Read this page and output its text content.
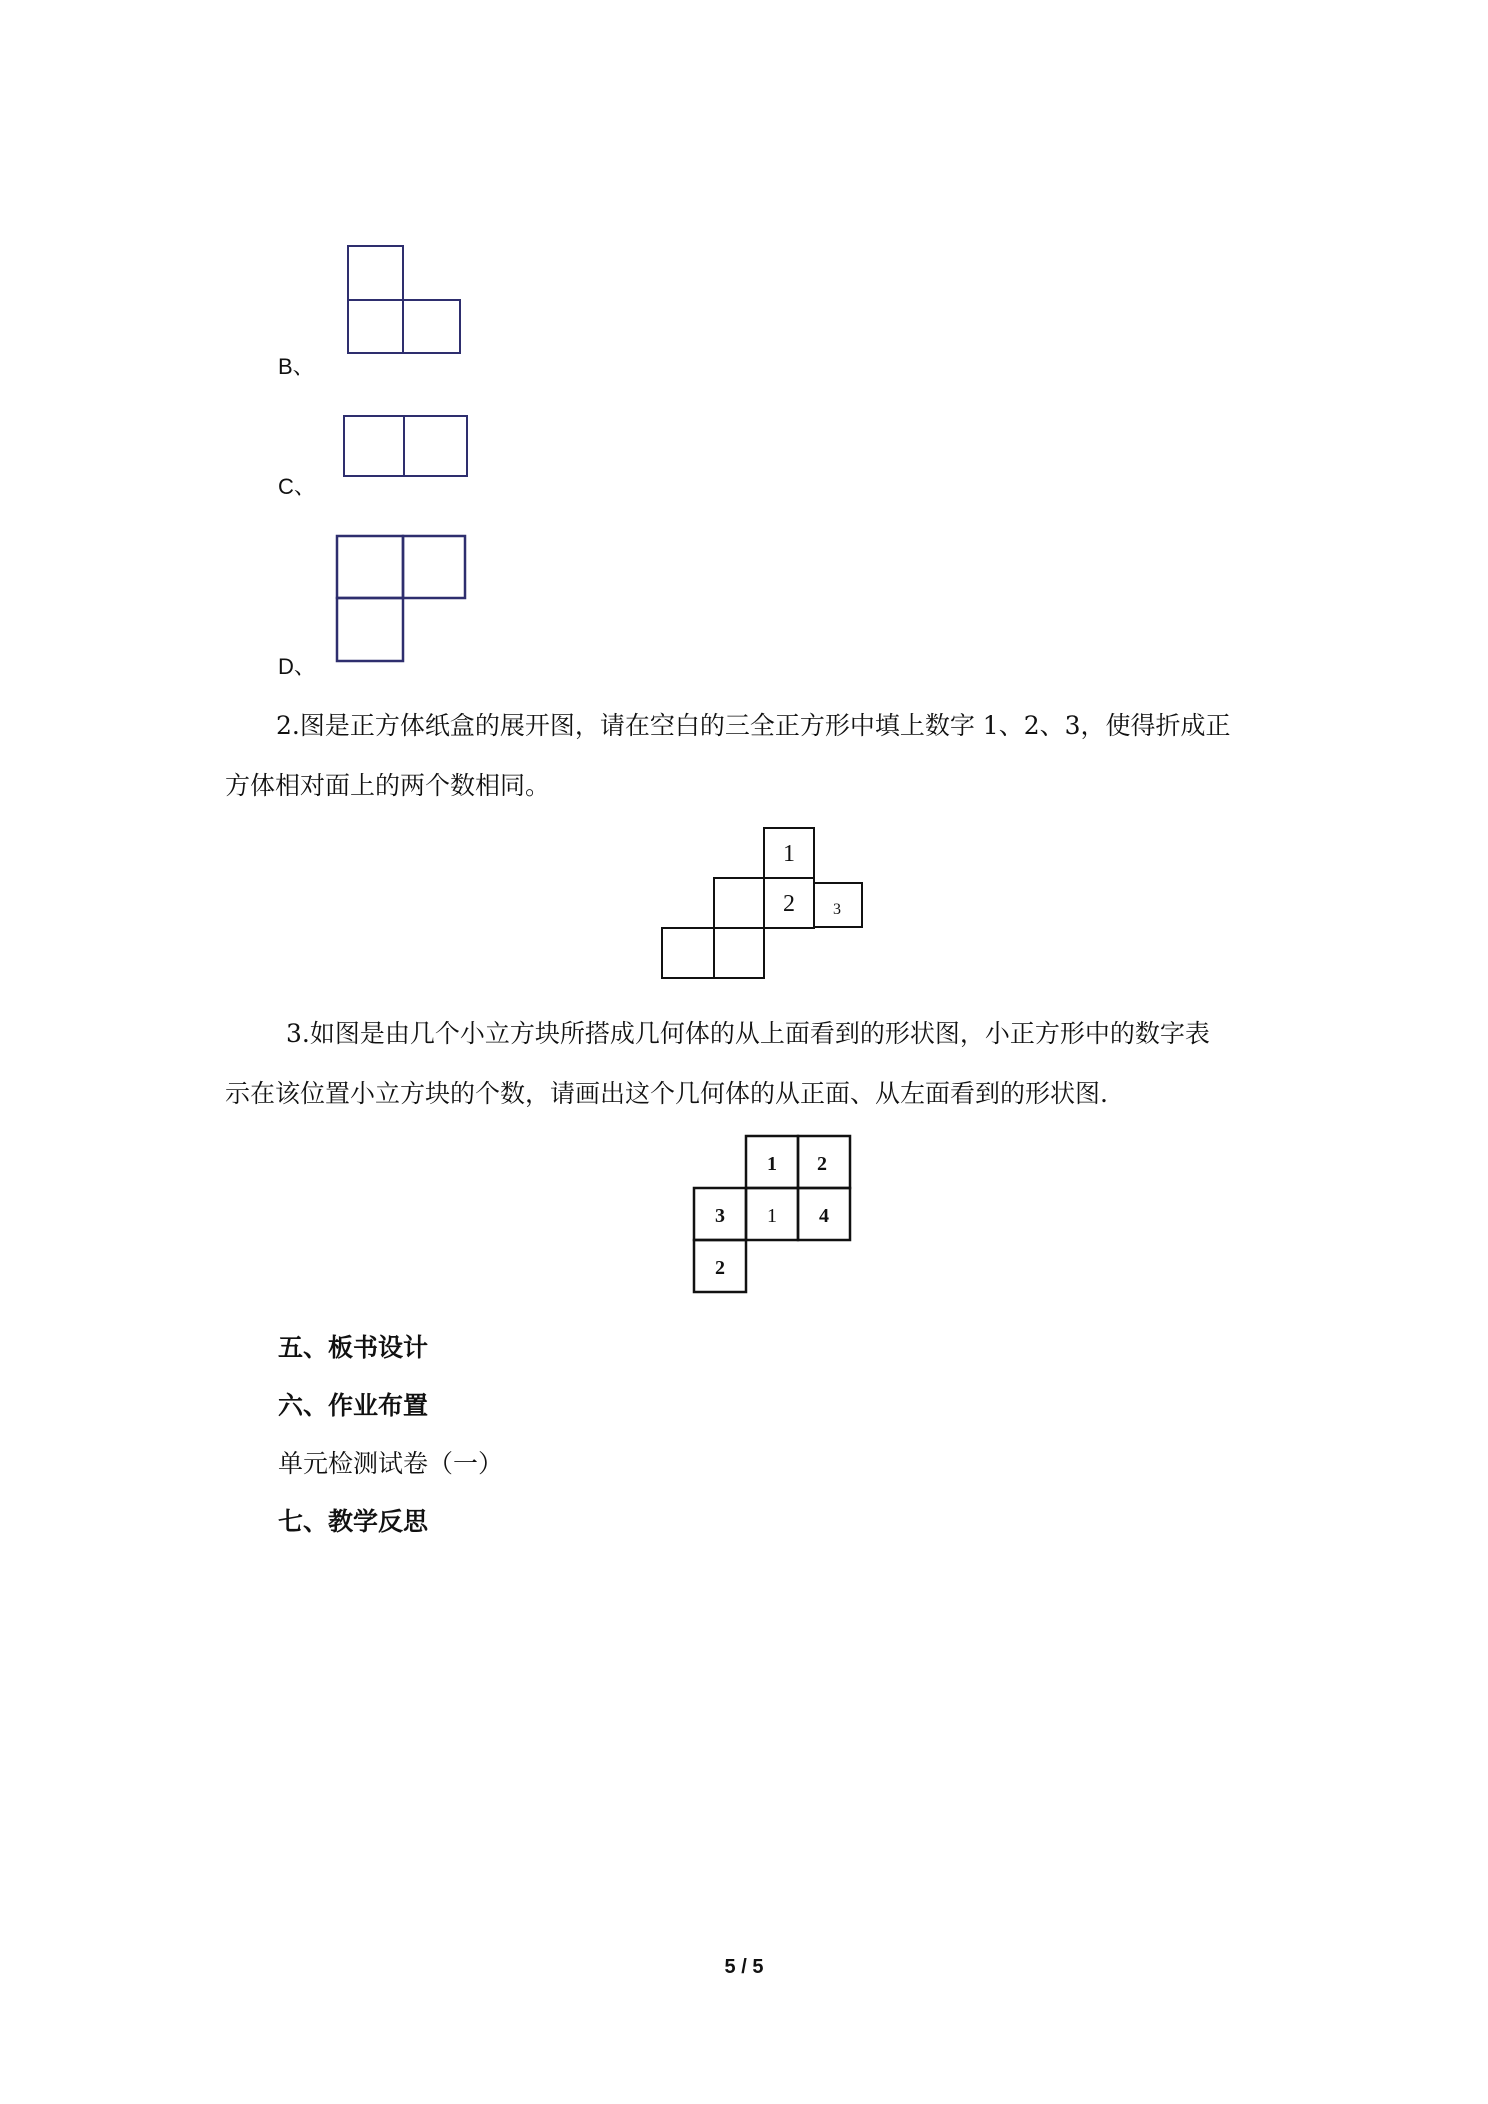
B、
C、
D、
2.图是正方体纸盒的展开图，请在空白的三全正方形中填上数字 1、2、3，使得折成正
方体相对面上的两个数相同。
1
2 3
3.如图是由几个小立方块所搭成几何体的从上面看到的形状图，小正方形中的数字表
示在该位置小立方块的个数，请画出这个几何体的从正面、从左面看到的形状图.
1 2
3 1 4
2
五、板书设计
六、作业布置
单元检测试卷（一）
七、教学反思
5 / 5
